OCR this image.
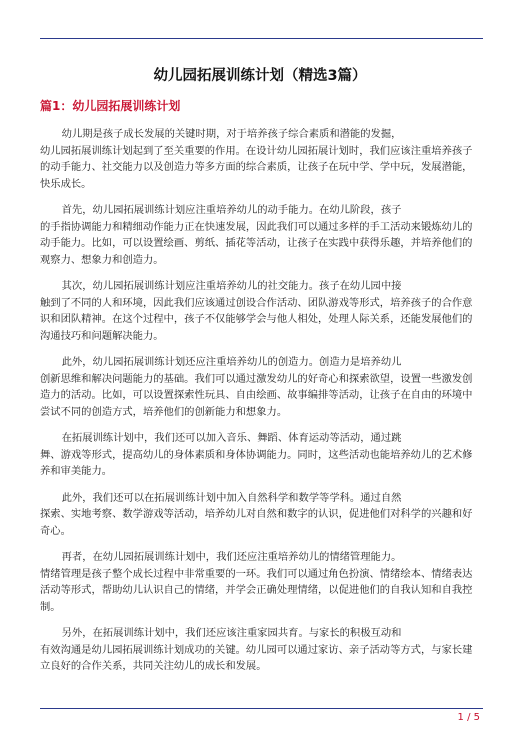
幼儿园拓展训练计划（精选3篇）
篇1：幼儿园拓展训练计划

幼儿期是孩子成长发展的关键时期，对于培养孩子综合素质和潜能的发掘，
幼儿园拓展训练计划起到了至关重要的作用。在设计幼儿园拓展计划时，我们应该注重培养孩子
的动手能力、社交能力以及创造力等多方面的综合素质，让孩子在玩中学、学中玩，发展潜能，
快乐成长。

首先，幼儿园拓展训练计划应注重培养幼儿的动手能力。在幼儿阶段，孩子
的手指协调能力和精细动作能力正在快速发展，因此我们可以通过多样的手工活动来锻炼幼儿的
动手能力。比如，可以设置绘画、剪纸、插花等活动，让孩子在实践中获得乐趣，并培养他们的
观察力、想象力和创造力。

其次，幼儿园拓展训练计划应注重培养幼儿的社交能力。孩子在幼儿园中接
触到了不同的人和环境，因此我们应该通过创设合作活动、团队游戏等形式，培养孩子的合作意
识和团队精神。在这个过程中，孩子不仅能够学会与他人相处，处理人际关系，还能发展他们的
沟通技巧和问题解决能力。

此外，幼儿园拓展训练计划还应注重培养幼儿的创造力。创造力是培养幼儿
创新思维和解决问题能力的基础。我们可以通过激发幼儿的好奇心和探索欲望，设置一些激发创
造力的活动。比如，可以设置探索性玩具、自由绘画、故事编排等活动，让孩子在自由的环境中
尝试不同的创造方式，培养他们的创新能力和想象力。

在拓展训练计划中，我们还可以加入音乐、舞蹈、体育运动等活动，通过跳
舞、游戏等形式，提高幼儿的身体素质和身体协调能力。同时，这些活动也能培养幼儿的艺术修
养和审美能力。

此外，我们还可以在拓展训练计划中加入自然科学和数学等学科。通过自然
探索、实地考察、数学游戏等活动，培养幼儿对自然和数字的认识，促进他们对科学的兴趣和好
奇心。

再者，在幼儿园拓展训练计划中，我们还应注重培养幼儿的情绪管理能力。
情绪管理是孩子整个成长过程中非常重要的一环。我们可以通过角色扮演、情绪绘本、情绪表达
活动等形式，帮助幼儿认识自己的情绪，并学会正确处理情绪，以促进他们的自我认知和自我控
制。

另外，在拓展训练计划中，我们还应该注重家园共育。与家长的积极互动和
有效沟通是幼儿园拓展训练计划成功的关键。幼儿园可以通过家访、亲子活动等方式，与家长建
立良好的合作关系，共同关注幼儿的成长和发展。

1 / 5
